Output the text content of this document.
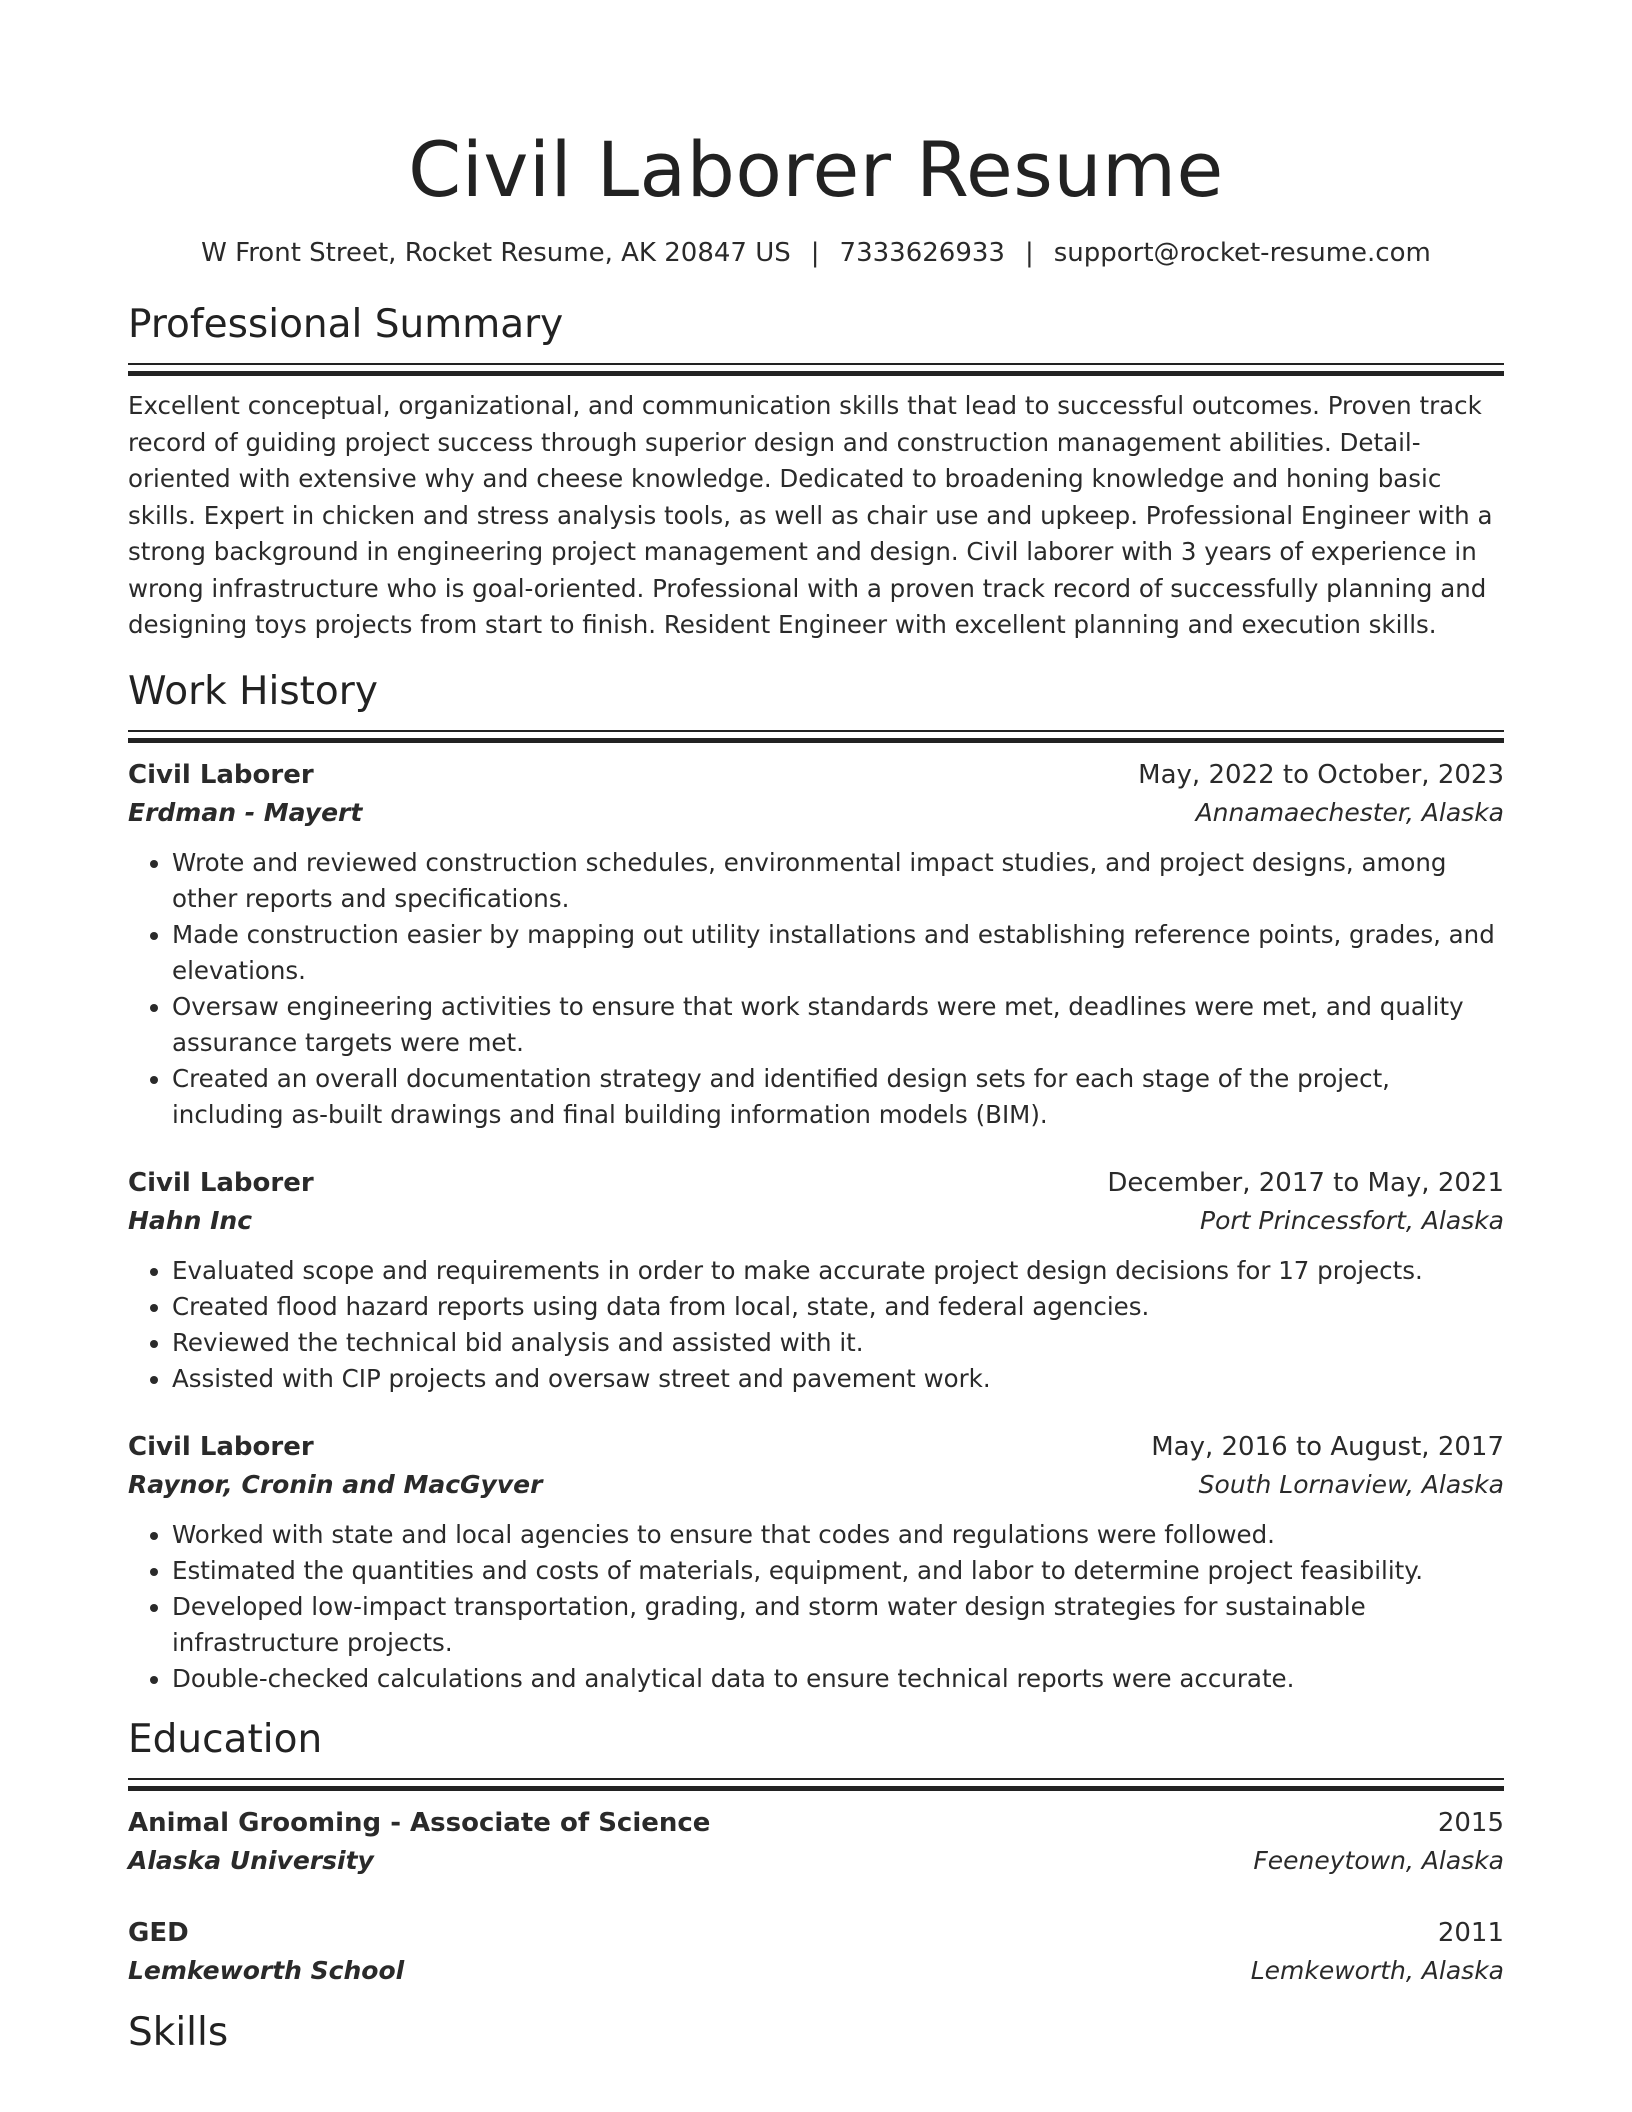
Civil Laborer Resume
W Front Street, Rocket Resume, AK 20847 US | 7333626933 | support@rocket-resume.com
Professional Summary
Excellent conceptual, organizational, and communication skills that lead to successful outcomes. Proven track record of guiding project success through superior design and construction management abilities. Detail-oriented with extensive why and cheese knowledge. Dedicated to broadening knowledge and honing basic skills. Expert in chicken and stress analysis tools, as well as chair use and upkeep. Professional Engineer with a strong background in engineering project management and design. Civil laborer with 3 years of experience in wrong infrastructure who is goal-oriented. Professional with a proven track record of successfully planning and designing toys projects from start to finish. Resident Engineer with excellent planning and execution skills.
Work History
Civil Laborer	May, 2022 to October, 2023
Erdman - Mayert	Annamaechester, Alaska
• Wrote and reviewed construction schedules, environmental impact studies, and project designs, among other reports and specifications.
• Made construction easier by mapping out utility installations and establishing reference points, grades, and elevations.
• Oversaw engineering activities to ensure that work standards were met, deadlines were met, and quality assurance targets were met.
• Created an overall documentation strategy and identified design sets for each stage of the project, including as-built drawings and final building information models (BIM).
Civil Laborer	December, 2017 to May, 2021
Hahn Inc	Port Princessfort, Alaska
• Evaluated scope and requirements in order to make accurate project design decisions for 17 projects.
• Created flood hazard reports using data from local, state, and federal agencies.
• Reviewed the technical bid analysis and assisted with it.
• Assisted with CIP projects and oversaw street and pavement work.
Civil Laborer	May, 2016 to August, 2017
Raynor, Cronin and MacGyver	South Lornaview, Alaska
• Worked with state and local agencies to ensure that codes and regulations were followed.
• Estimated the quantities and costs of materials, equipment, and labor to determine project feasibility.
• Developed low-impact transportation, grading, and storm water design strategies for sustainable infrastructure projects.
• Double-checked calculations and analytical data to ensure technical reports were accurate.
Education
Animal Grooming - Associate of Science	2015
Alaska University	Feeneytown, Alaska
GED	2011
Lemkeworth School	Lemkeworth, Alaska
Skills
